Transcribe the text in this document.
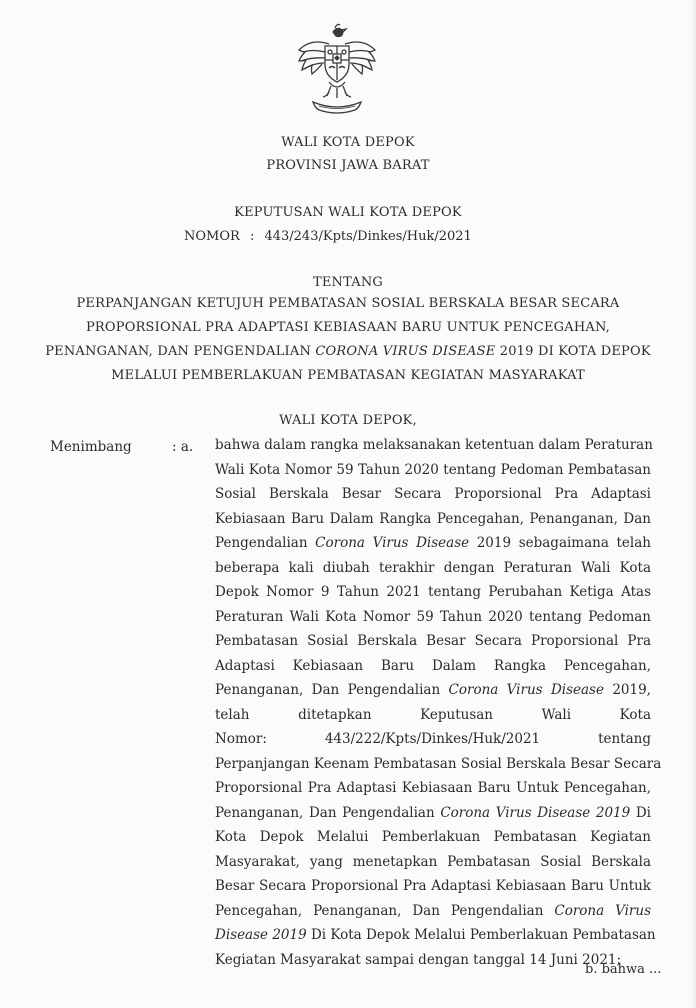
WALI KOTA DEPOK
PROVINSI JAWA BARAT
KEPUTUSAN WALI KOTA DEPOK
NOMOR : 443/243/Kpts/Dinkes/Huk/2021
TENTANG
PERPANJANGAN KETUJUH PEMBATASAN SOSIAL BERSKALA BESAR SECARA
PROPORSIONAL PRA ADAPTASI KEBIASAAN BARU UNTUK PENCEGAHAN,
PENANGANAN, DAN PENGENDALIAN CORONA VIRUS DISEASE 2019 DI KOTA DEPOK
MELALUI PEMBERLAKUAN PEMBATASAN KEGIATAN MASYARAKAT
WALI KOTA DEPOK,
Menimbang	: a. bahwa dalam rangka melaksanakan ketentuan dalam Peraturan
Wali Kota Nomor 59 Tahun 2020 tentang Pedoman Pembatasan
Sosial Berskala Besar Secara Proporsional Pra Adaptasi
Kebiasaan Baru Dalam Rangka Pencegahan, Penanganan, Dan
Pengendalian Corona Virus Disease 2019 sebagaimana telah
beberapa kali diubah terakhir dengan Peraturan Wali Kota
Depok Nomor 9 Tahun 2021 tentang Perubahan Ketiga Atas
Peraturan Wali Kota Nomor 59 Tahun 2020 tentang Pedoman
Pembatasan Sosial Berskala Besar Secara Proporsional Pra
Adaptasi Kebiasaan Baru Dalam Rangka Pencegahan,
Penanganan, Dan Pengendalian Corona Virus Disease 2019,
telah ditetapkan Keputusan Wali Kota
Nomor: 443/222/Kpts/Dinkes/Huk/2021 tentang
Perpanjangan Keenam Pembatasan Sosial Berskala Besar Secara
Proporsional Pra Adaptasi Kebiasaan Baru Untuk Pencegahan,
Penanganan, Dan Pengendalian Corona Virus Disease 2019 Di
Kota Depok Melalui Pemberlakuan Pembatasan Kegiatan
Masyarakat, yang menetapkan Pembatasan Sosial Berskala
Besar Secara Proporsional Pra Adaptasi Kebiasaan Baru Untuk
Pencegahan, Penanganan, Dan Pengendalian Corona Virus
Disease 2019 Di Kota Depok Melalui Pemberlakuan Pembatasan
Kegiatan Masyarakat sampai dengan tanggal 14 Juni 2021;
b. bahwa ...
